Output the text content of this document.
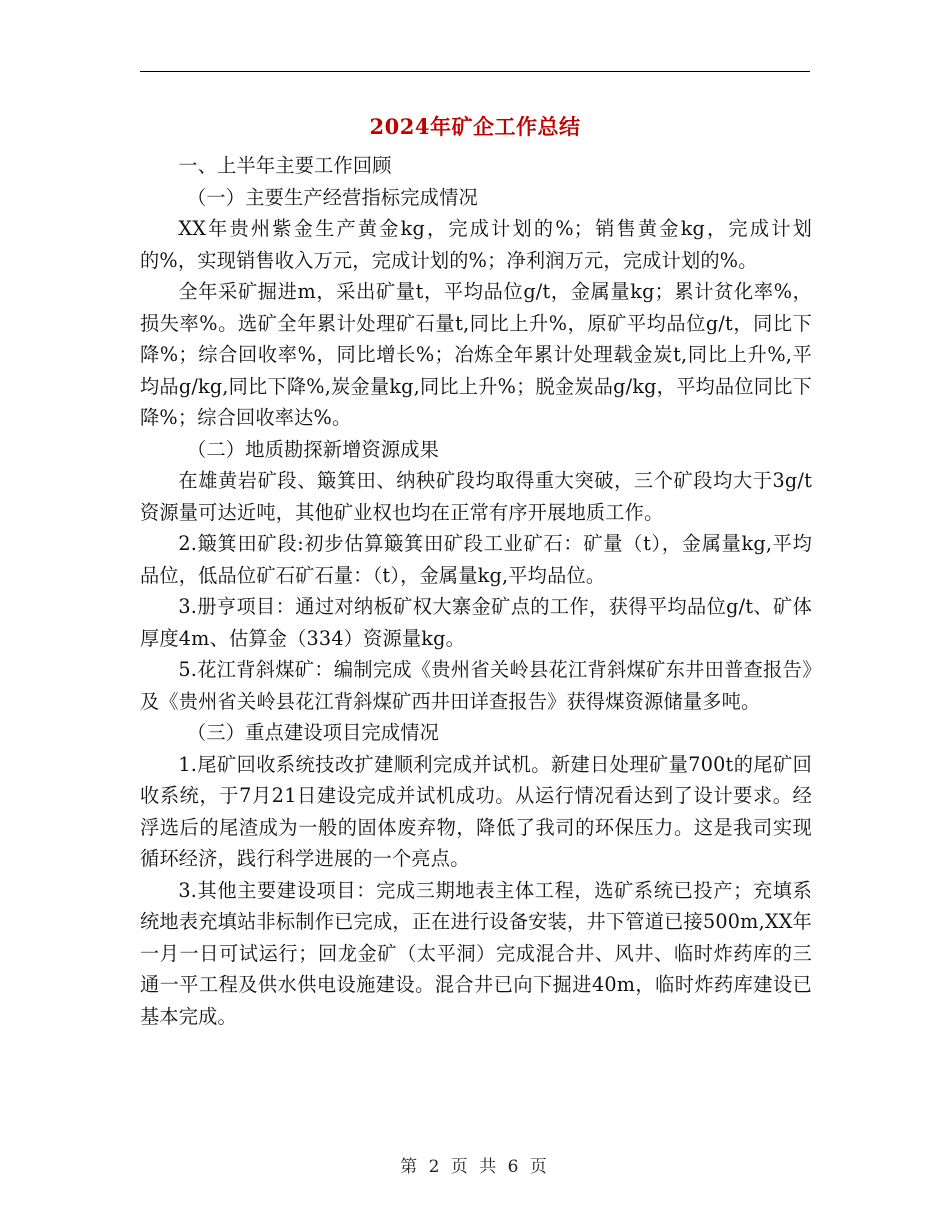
2024年矿企工作总结

一、上半年主要工作回顾

（一）主要生产经营指标完成情况

XX年贵州紫金生产黄金kg，完成计划的%；销售黄金kg，完成计划的%，实现销售收入万元，完成计划的%；净利润万元，完成计划的%。

全年采矿掘进m，采出矿量t，平均品位g/t，金属量kg；累计贫化率%，损失率%。选矿全年累计处理矿石量t,同比上升%，原矿平均品位g/t，同比下降%；综合回收率%，同比增长%；冶炼全年累计处理载金炭t,同比上升%,平均品g/kg,同比下降%,炭金量kg,同比上升%；脱金炭品g/kg，平均品位同比下降%；综合回收率达%。

（二）地质勘探新增资源成果

在雄黄岩矿段、簸箕田、纳秧矿段均取得重大突破，三个矿段均大于3g/t资源量可达近吨，其他矿业权也均在正常有序开展地质工作。

2.簸箕田矿段:初步估算簸箕田矿段工业矿石：矿量（t），金属量kg,平均品位，低品位矿石矿石量：（t），金属量kg,平均品位。

3.册亨项目：通过对纳板矿权大寨金矿点的工作，获得平均品位g/t、矿体厚度4m、估算金（334）资源量kg。

5.花江背斜煤矿：编制完成《贵州省关岭县花江背斜煤矿东井田普查报告》及《贵州省关岭县花江背斜煤矿西井田详查报告》获得煤资源储量多吨。

（三）重点建设项目完成情况

1.尾矿回收系统技改扩建顺利完成并试机。新建日处理矿量700t的尾矿回收系统，于7月21日建设完成并试机成功。从运行情况看达到了设计要求。经浮选后的尾渣成为一般的固体废弃物，降低了我司的环保压力。这是我司实现循环经济，践行科学进展的一个亮点。

3.其他主要建设项目：完成三期地表主体工程，选矿系统已投产；充填系统地表充填站非标制作已完成，正在进行设备安装，井下管道已接500m,XX年一月一日可试运行；回龙金矿（太平洞）完成混合井、风井、临时炸药库的三通一平工程及供水供电设施建设。混合井已向下掘进40m，临时炸药库建设已基本完成。

第 2 页 共 6 页
